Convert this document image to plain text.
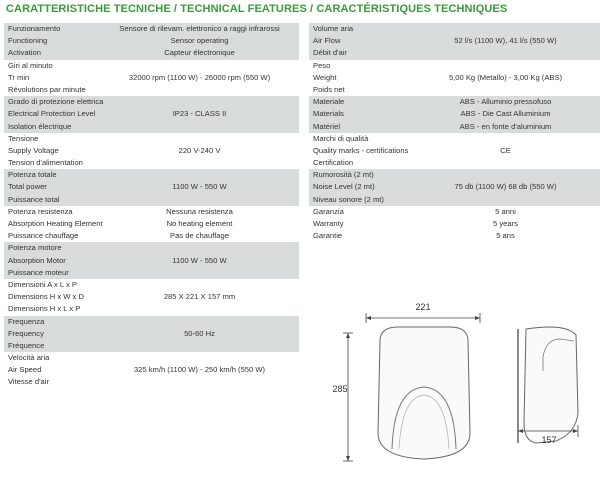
CARATTERISTICHE TECNICHE / TECHNICAL FEATURES / CARACTÉRISTIQUES TECHNIQUES
Funzionamento	Sensore di rilevam. elettronico a raggi infrarossi
Functioning	Sensor operating
Activation	Capteur électronique
Giri al minuto
Tr min	32000 rpm (1100 W) - 26000 rpm (550 W)
Révolutions par minute
Grado di protezione elettrica
Electrical Protection Level	IP23 - CLASS II
Isolation électrique
Tensione
Supply Voltage	220 V-240 V
Tension d'alimentation
Potenza totale
Total power	1100 W - 550 W
Puissance total
Potenza resistenza	Nessuna resistenza
Absorption Heating Element	No heating element
Puissance chauffage	Pas de chauffage
Potenza motore
Absorption Motor	1100 W - 550 W
Puissance moteur
Dimensioni A x L x P
Dimensions H x W x D	285 X 221 X 157 mm
Dimensions H x L x P
Frequenza
Frequency	50-60 Hz
Fréquence
Velocità aria
Air Speed	325 km/h (1100 W) - 250 km/h (550 W)
Vitesse d'air
Volume aria
Air Flow	52 l/s (1100 W), 41 l/s (550 W)
Débit d'air
Peso
Weight	5,00 Kg (Metallo) - 3,00 Kg (ABS)
Poids net
Materiale	ABS - Alluminio pressofuso
Materials	ABS - Die Cast Alluminium
Matériel	ABS - en fonte d'aluminium
Marchi di qualità
Quality marks - certifications	CE
Certification
Rumorosità (2 mt)
Noise Level (2 mt)	75 db (1100 W) 68 db (550 W)
Niveau sonore (2 mt)
Garanzia	5 anni
Warranty	5 years
Garantie	5 ans
221
285
157
